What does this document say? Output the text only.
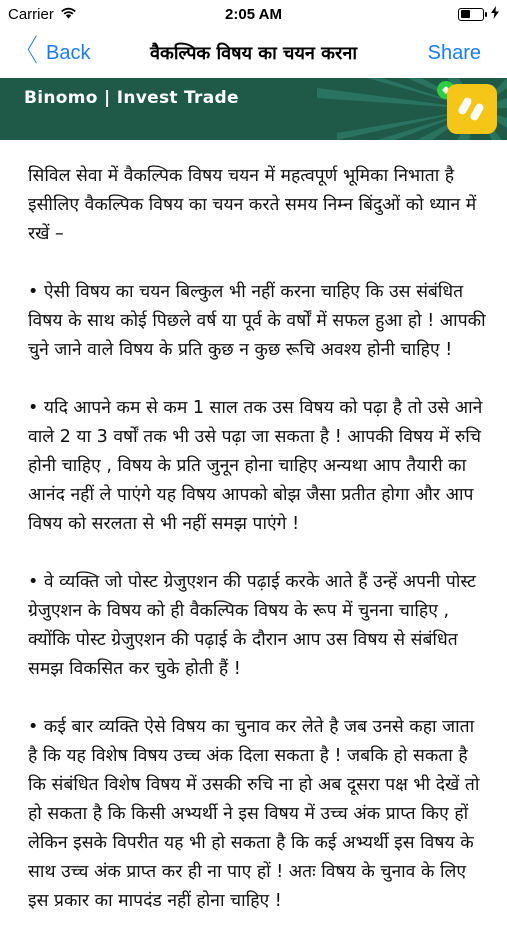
Carrier	2:05 AM
〈 Back	वैकल्पिक विषय का चयन करना	Share
Binomo | Invest Trade

सिविल सेवा में वैकल्पिक विषय चयन में महत्वपूर्ण भूमिका निभाता है इसीलिए वैकल्पिक विषय का चयन करते समय निम्न बिंदुओं को ध्यान में रखें –

• ऐसी विषय का चयन बिल्कुल भी नहीं करना चाहिए कि उस संबंधित विषय के साथ कोई पिछले वर्ष या पूर्व के वर्षों में सफल हुआ हो ! आपकी चुने जाने वाले विषय के प्रति कुछ न कुछ रूचि अवश्य होनी चाहिए !

• यदि आपने कम से कम 1 साल तक उस विषय को पढ़ा है तो उसे आने वाले 2 या 3 वर्षों तक भी उसे पढ़ा जा सकता है ! आपकी विषय में रुचि होनी चाहिए , विषय के प्रति जुनून होना चाहिए अन्यथा आप तैयारी का आनंद नहीं ले पाएंगे यह विषय आपको बोझ जैसा प्रतीत होगा और आप विषय को सरलता से भी नहीं समझ पाएंगे !

• वे व्यक्ति जो पोस्ट ग्रेजुएशन की पढ़ाई करके आते हैं उन्हें अपनी पोस्ट ग्रेजुएशन के विषय को ही वैकल्पिक विषय के रूप में चुनना चाहिए , क्योंकि पोस्ट ग्रेजुएशन की पढ़ाई के दौरान आप उस विषय से संबंधित समझ विकसित कर चुके होती हैं !

• कई बार व्यक्ति ऐसे विषय का चुनाव कर लेते है जब उनसे कहा जाता है कि यह विशेष विषय उच्च अंक दिला सकता है ! जबकि हो सकता है कि संबंधित विशेष विषय में उसकी रुचि ना हो अब दूसरा पक्ष भी देखें तो हो सकता है कि किसी अभ्यर्थी ने इस विषय में उच्च अंक प्राप्त किए हों लेकिन इसके विपरीत यह भी हो सकता है कि कई अभ्यर्थी इस विषय के साथ उच्च अंक प्राप्त कर ही ना पाए हों ! अतः विषय के चुनाव के लिए इस प्रकार का मापदंड नहीं होना चाहिए !
